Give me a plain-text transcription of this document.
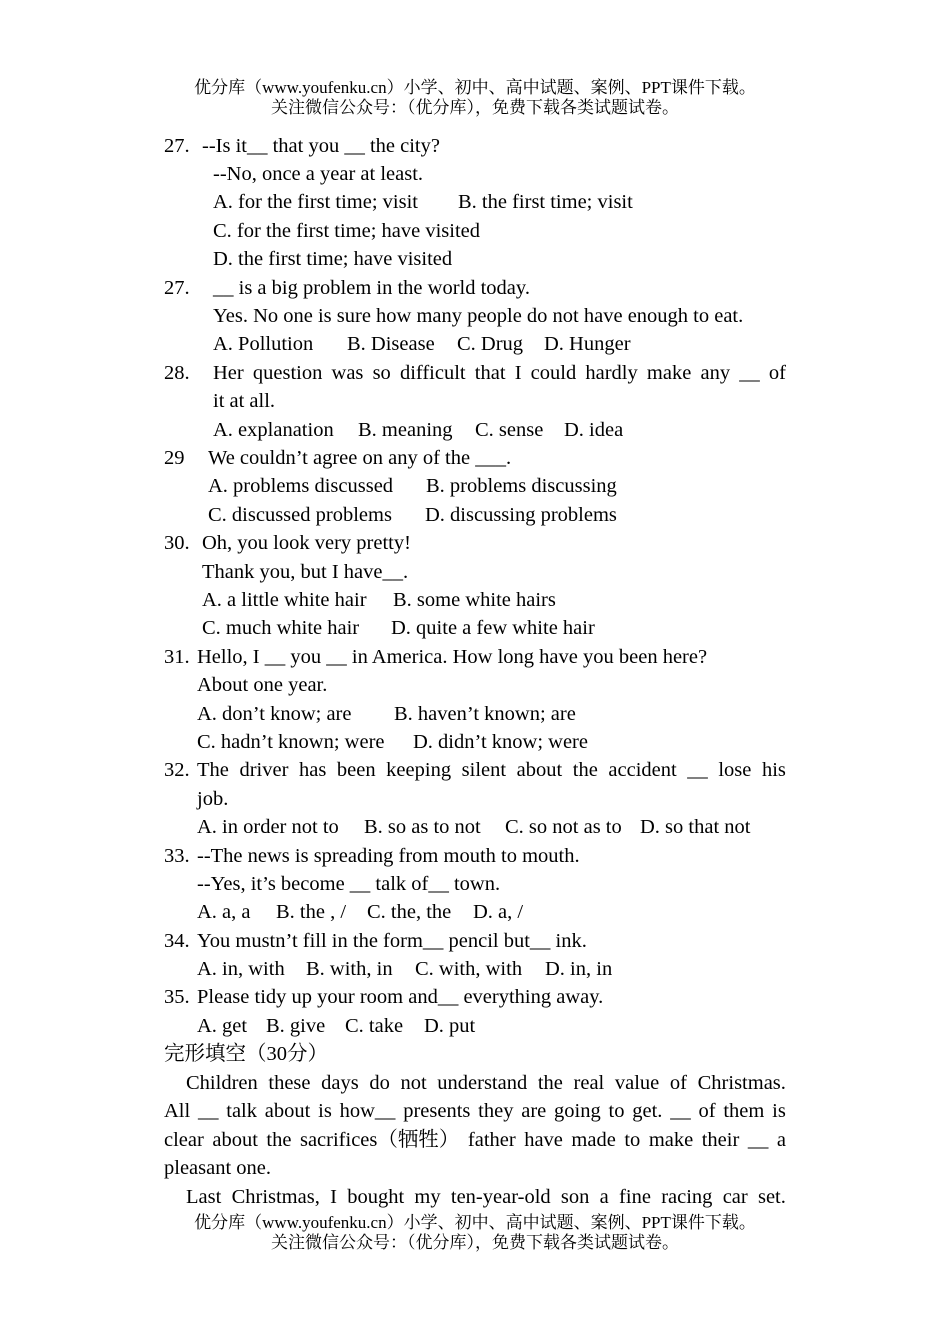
优分库（www.youfenku.cn）小学、初中、高中试题、案例、PPT课件下载。
关注微信公众号：（优分库），免费下载各类试题试卷。
27. --Is it__ that you __ the city?
--No, once a year at least.
A. for the first time; visit B. the first time; visit
C. for the first time; have visited
D. the first time; have visited
27. __ is a big problem in the world today.
Yes. No one is sure how many people do not have enough to eat.
A. Pollution B. Disease C. Drug D. Hunger
28. Her question was so difficult that I could hardly make any __ of
it at all.
A. explanation B. meaning C. sense D. idea
29 We couldn’t agree on any of the ___.
A. problems discussed B. problems discussing
C. discussed problems D. discussing problems
30. Oh, you look very pretty!
Thank you, but I have__.
A. a little white hair B. some white hairs
C. much white hair D. quite a few white hair
31. Hello, I __ you __ in America. How long have you been here?
About one year.
A. don’t know; are B. haven’t known; are
C. hadn’t known; were D. didn’t know; were
32. The driver has been keeping silent about the accident __ lose his
job.
A. in order not to B. so as to not C. so not as to D. so that not
33. --The news is spreading from mouth to mouth.
--Yes, it’s become __ talk of__ town.
A. a, a B. the , / C. the, the D. a, /
34. You mustn’t fill in the form__ pencil but__ ink.
A. in, with B. with, in C. with, with D. in, in
35. Please tidy up your room and__ everything away.
A. get B. give C. take D. put
完形填空（30分）
Children these days do not understand the real value of Christmas.
All __ talk about is how__ presents they are going to get. __ of them is
clear about the sacrifices（牺牲） father have made to make their __ a
pleasant one.
Last Christmas, I bought my ten-year-old son a fine racing car set.
优分库（www.youfenku.cn）小学、初中、高中试题、案例、PPT课件下载。
关注微信公众号：（优分库），免费下载各类试题试卷。
